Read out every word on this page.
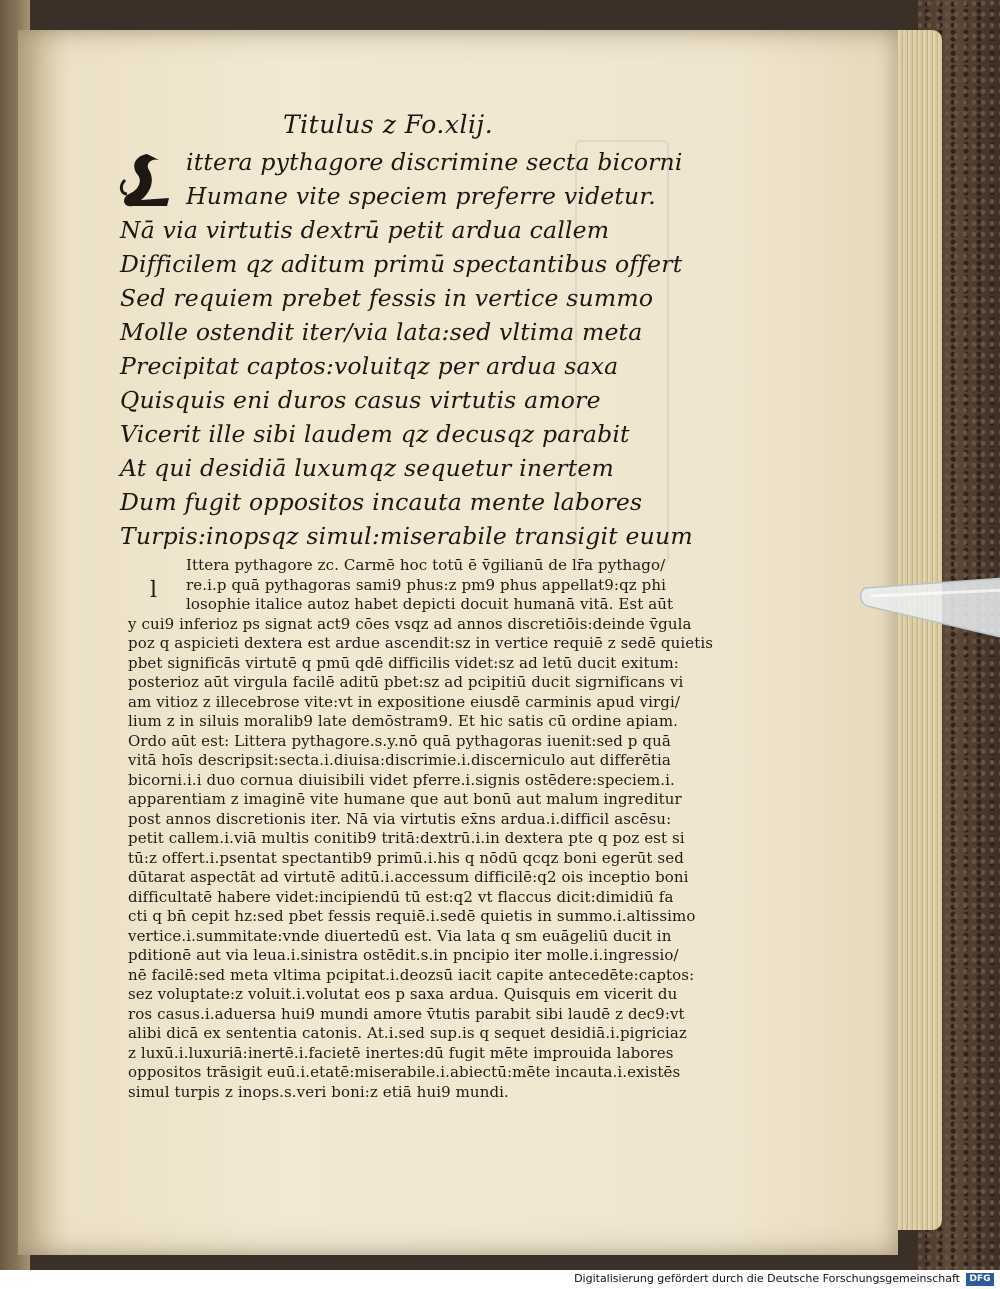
Titulus z Fo.xlij.
ittera pythagore discrimine secta bicorni
Humane vite speciem preferre videtur.
Nā via virtutis dextrū petit ardua callem
Difficilem qz aditum primū spectantibus offert
Sed requiem prebet fessis in vertice summo
Molle ostendit iter/via lata:sed vltima meta
Precipitat captos:voluitqz per ardua saxa
Quisquis eni duros casus virtutis amore
Vicerit ille sibi laudem qz decusqz parabit
At qui desidiā luxumqz sequetur inertem
Dum fugit oppositos incauta mente labores
Turpis:inopsqz simul:miserabile transigit euum
l
Ittera pythagore zc. Carmē hoc totū ē v̄gilianū de lr̄a pythago/
re.i.p quā pythagoras sami9 phus:z pm9 phus appellat9:qz phi
losophie italice autoz habet depicti docuit humanā vitā. Est aūt
y cui9 inferioz ps signat act9 cōes vsqz ad annos discretiōis:deinde v̄gula
poz q aspicieti dextera est ardue ascendit:sz in vertice requiē z sedē quietis
pbet significās virtutē q pmū qdē difficilis videt:sz ad letū ducit exitum:
posterioz aūt virgula facilē aditū pbet:sz ad pcipitiū ducit sigrnificans vi
am vitioz z illecebrose vite:vt in expositione eiusdē carminis apud virgi/
lium z in siluis moralib9 late demōstram9. Et hic satis cū ordine apiam.
Ordo aūt est: Littera pythagore.s.y.nō quā pythagoras iuenit:sed p quā
vitā hoīs descripsit:secta.i.diuisa:discrimie.i.discerniculo aut differētia
bicorni.i.i duo cornua diuisibili videt pferre.i.signis ostēdere:speciem.i.
apparentiam z imaginē vite humane que aut bonū aut malum ingreditur
post annos discretionis iter. Nā via virtutis ex̄ns ardua.i.difficil ascēsu:
petit callem.i.viā multis conitib9 tritā:dextrū.i.in dextera pte q poz est si
tū:z offert.i.psentat spectantib9 primū.i.his q nōdū qcqz boni egerūt sed
dūtarat aspectāt ad virtutē aditū.i.accessum difficilē:q2 ois inceptio boni
difficultatē habere videt:incipiendū tū est:q2 vt flaccus dicit:dimidiū fa
cti q bn̄ cepit hz:sed pbet fessis requiē.i.sedē quietis in summo.i.altissimo
vertice.i.summitate:vnde diuertedū est. Via lata q sm euāgeliū ducit in
pditionē aut via leua.i.sinistra ostēdit.s.in pncipio iter molle.i.ingressio/
nē facilē:sed meta vltima pcipitat.i.deozsū iacit capite antecedēte:captos:
sez voluptate:z voluit.i.volutat eos p saxa ardua. Quisquis em vicerit du
ros casus.i.aduersa hui9 mundi amore v̄tutis parabit sibi laudē z dec9:vt
alibi dicā ex sententia catonis. At.i.sed sup.is q sequet desidiā.i.pigriciaz
z luxū.i.luxuriā:inertē.i.facietē inertes:dū fugit mēte improuida labores
oppositos trāsigit euū.i.etatē:miserabile.i.abiectū:mēte incauta.i.existēs
simul turpis z inops.s.veri boni:z etiā hui9 mundi.
Digitalisierung gefördert durch die Deutsche Forschungsgemeinschaft	DFG
